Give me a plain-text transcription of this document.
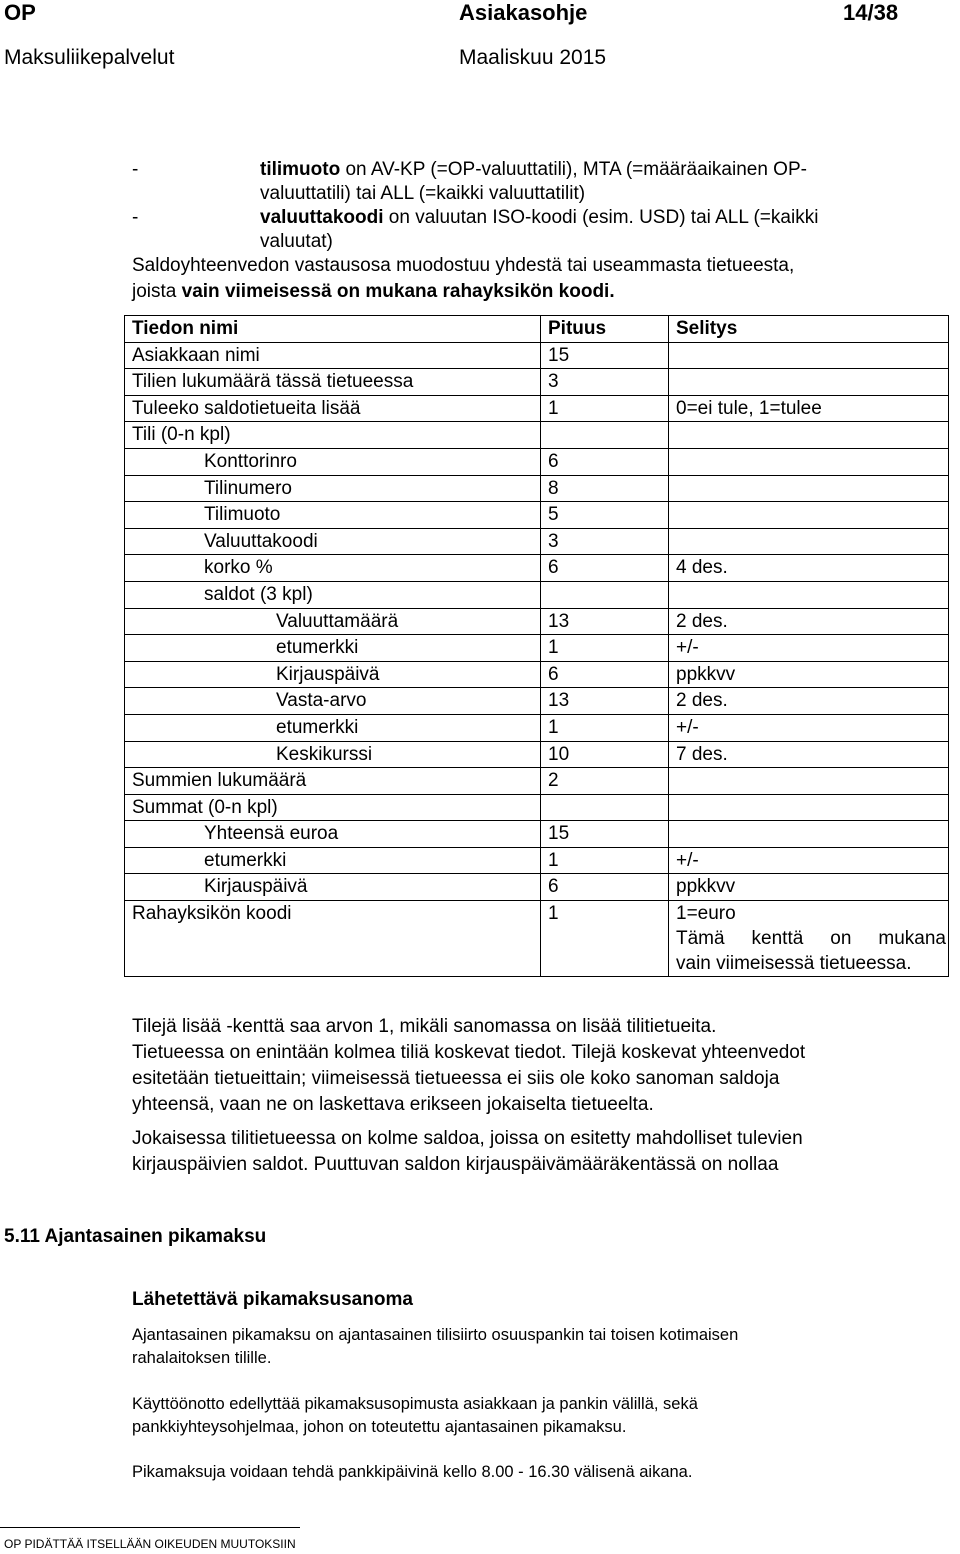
OP	Asiakasohje	14/38
Maksuliikepalvelut	Maaliskuu 2015
-	tilimuoto on AV-KP (=OP-valuuttatili), MTA (=määräaikainen OP-
valuuttatili) tai ALL (=kaikki valuuttatilit)
-	valuuttakoodi on valuutan ISO-koodi (esim. USD) tai ALL (=kaikki
valuutat)
Saldoyhteenvedon vastausosa muodostuu yhdestä tai useammasta tietueesta,
joista vain viimeisessä on mukana rahayksikön koodi.
Tiedon nimi	Pituus	Selitys
Asiakkaan nimi	15	
Tilien lukumäärä tässä tietueessa	3	
Tuleeko saldotietueita lisää	1	0=ei tule, 1=tulee
Tili (0-n kpl)		
Konttorinro	6	
Tilinumero	8	
Tilimuoto	5	
Valuuttakoodi	3	
korko %	6	4 des.
saldot (3 kpl)		
Valuuttamäärä	13	2 des.
etumerkki	1	+/-
Kirjauspäivä	6	ppkkvv
Vasta-arvo	13	2 des.
etumerkki	1	+/-
Keskikurssi	10	7 des.
Summien lukumäärä	2	
Summat (0-n kpl)		
Yhteensä euroa	15	
etumerkki	1	+/-
Kirjauspäivä	6	ppkkvv
Rahayksikön koodi	1	1=euro
Tämä kenttä on mukana
vain viimeisessä tietueessa.
Tilejä lisää -kenttä saa arvon 1, mikäli sanomassa on lisää tilitietueita.
Tietueessa on enintään kolmea tiliä koskevat tiedot. Tilejä koskevat yhteenvedot
esitetään tietueittain; viimeisessä tietueessa ei siis ole koko sanoman saldoja
yhteensä, vaan ne on laskettava erikseen jokaiselta tietueelta.
Jokaisessa tilitietueessa on kolme saldoa, joissa on esitetty mahdolliset tulevien
kirjauspäivien saldot. Puuttuvan saldon kirjauspäivämääräkentässä on nollaa
5.11 Ajantasainen pikamaksu
Lähetettävä pikamaksusanoma
Ajantasainen pikamaksu on ajantasainen tilisiirto osuuspankin tai toisen kotimaisen
rahalaitoksen tilille.
Käyttöönotto edellyttää pikamaksusopimusta asiakkaan ja pankin välillä, sekä
pankkiyhteysohjelmaa, johon on toteutettu ajantasainen pikamaksu.
Pikamaksuja voidaan tehdä pankkipäivinä kello 8.00 - 16.30 välisenä aikana.
OP PIDÄTTÄÄ ITSELLÄÄN OIKEUDEN MUUTOKSIIN
